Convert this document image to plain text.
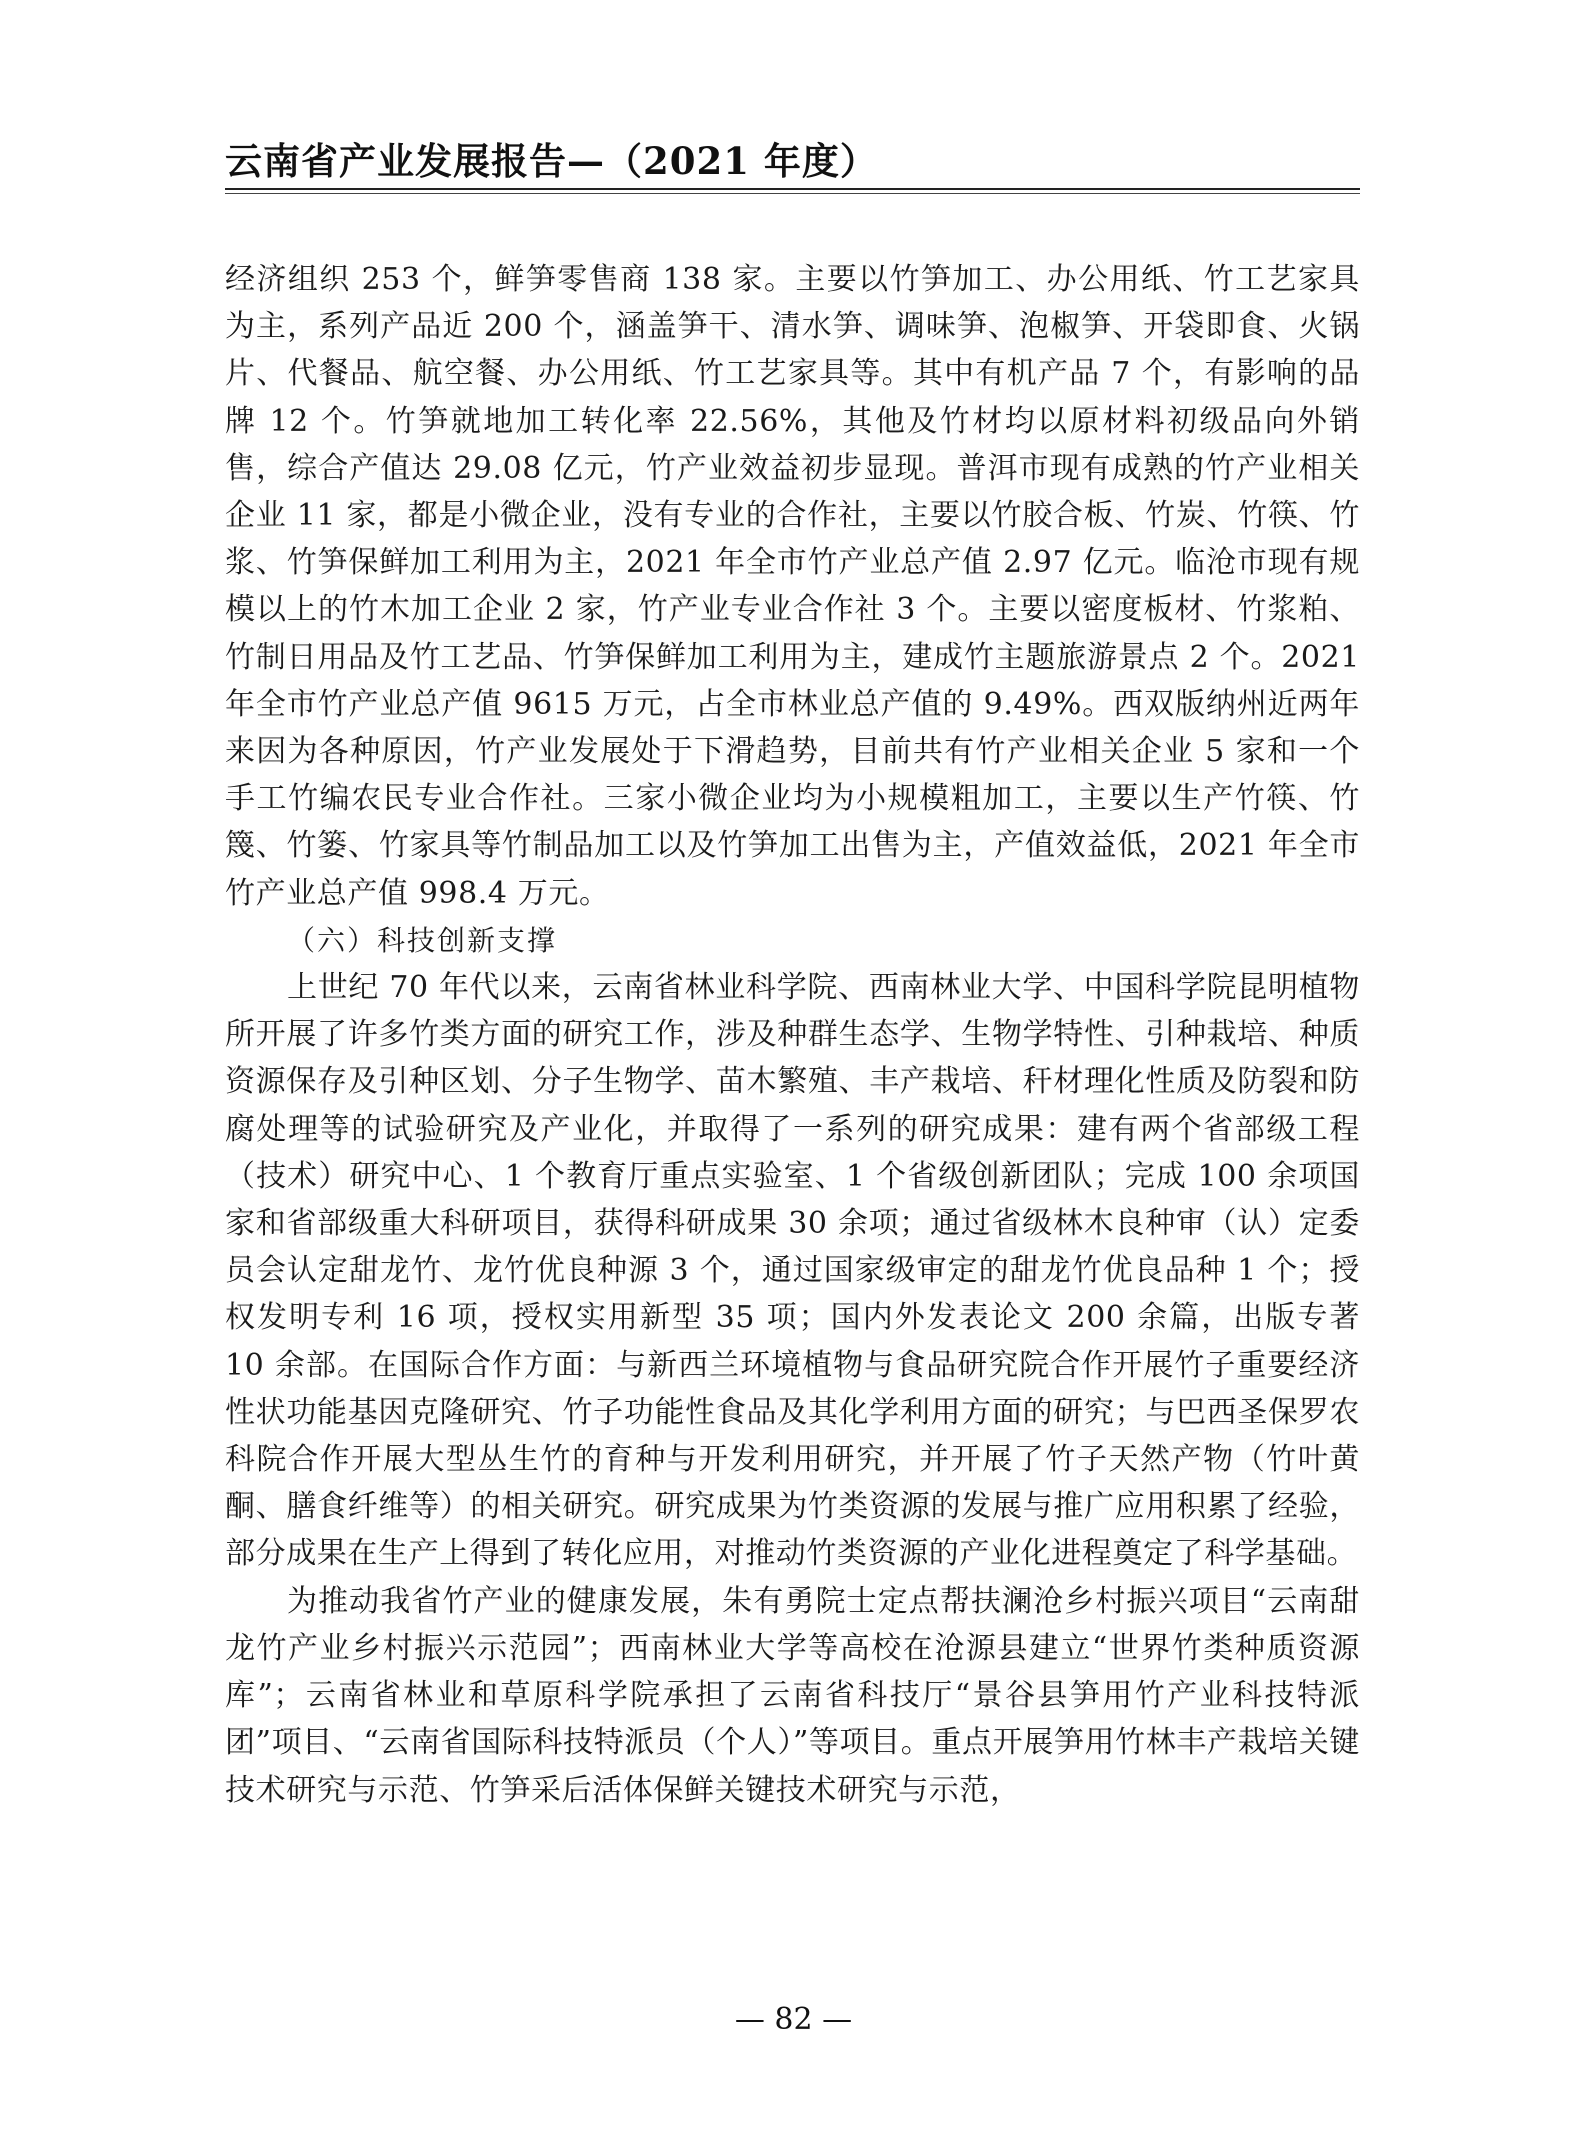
云南省产业发展报告—（2021 年度）

经济组织 253 个，鲜笋零售商 138 家。主要以竹笋加工、办公用纸、竹工艺家具为主，系列产品近 200 个，涵盖笋干、清水笋、调味笋、泡椒笋、开袋即食、火锅片、代餐品、航空餐、办公用纸、竹工艺家具等。其中有机产品 7 个，有影响的品牌 12 个。竹笋就地加工转化率 22.56%，其他及竹材均以原材料初级品向外销售，综合产值达 29.08 亿元，竹产业效益初步显现。普洱市现有成熟的竹产业相关企业 11 家，都是小微企业，没有专业的合作社，主要以竹胶合板、竹炭、竹筷、竹浆、竹笋保鲜加工利用为主，2021 年全市竹产业总产值 2.97 亿元。临沧市现有规模以上的竹木加工企业 2 家，竹产业专业合作社 3 个。主要以密度板材、竹浆粕、竹制日用品及竹工艺品、竹笋保鲜加工利用为主，建成竹主题旅游景点 2 个。2021 年全市竹产业总产值 9615 万元，占全市林业总产值的 9.49%。西双版纳州近两年来因为各种原因，竹产业发展处于下滑趋势，目前共有竹产业相关企业 5 家和一个手工竹编农民专业合作社。三家小微企业均为小规模粗加工，主要以生产竹筷、竹篾、竹篓、竹家具等竹制品加工以及竹笋加工出售为主，产值效益低，2021 年全市竹产业总产值 998.4 万元。

（六）科技创新支撑

上世纪 70 年代以来，云南省林业科学院、西南林业大学、中国科学院昆明植物所开展了许多竹类方面的研究工作，涉及种群生态学、生物学特性、引种栽培、种质资源保存及引种区划、分子生物学、苗木繁殖、丰产栽培、秆材理化性质及防裂和防腐处理等的试验研究及产业化，并取得了一系列的研究成果：建有两个省部级工程（技术）研究中心、1 个教育厅重点实验室、1 个省级创新团队；完成 100 余项国家和省部级重大科研项目，获得科研成果 30 余项；通过省级林木良种审（认）定委员会认定甜龙竹、龙竹优良种源 3 个，通过国家级审定的甜龙竹优良品种 1 个；授权发明专利 16 项，授权实用新型 35 项；国内外发表论文 200 余篇，出版专著 10 余部。在国际合作方面：与新西兰环境植物与食品研究院合作开展竹子重要经济性状功能基因克隆研究、竹子功能性食品及其化学利用方面的研究；与巴西圣保罗农科院合作开展大型丛生竹的育种与开发利用研究，并开展了竹子天然产物（竹叶黄酮、膳食纤维等）的相关研究。研究成果为竹类资源的发展与推广应用积累了经验，部分成果在生产上得到了转化应用，对推动竹类资源的产业化进程奠定了科学基础。

为推动我省竹产业的健康发展，朱有勇院士定点帮扶澜沧乡村振兴项目“云南甜龙竹产业乡村振兴示范园”；西南林业大学等高校在沧源县建立“世界竹类种质资源库”；云南省林业和草原科学院承担了云南省科技厅“景谷县笋用竹产业科技特派团”项目、“云南省国际科技特派员（个人）”等项目。重点开展笋用竹林丰产栽培关键技术研究与示范、竹笋采后活体保鲜关键技术研究与示范，

— 82 —
